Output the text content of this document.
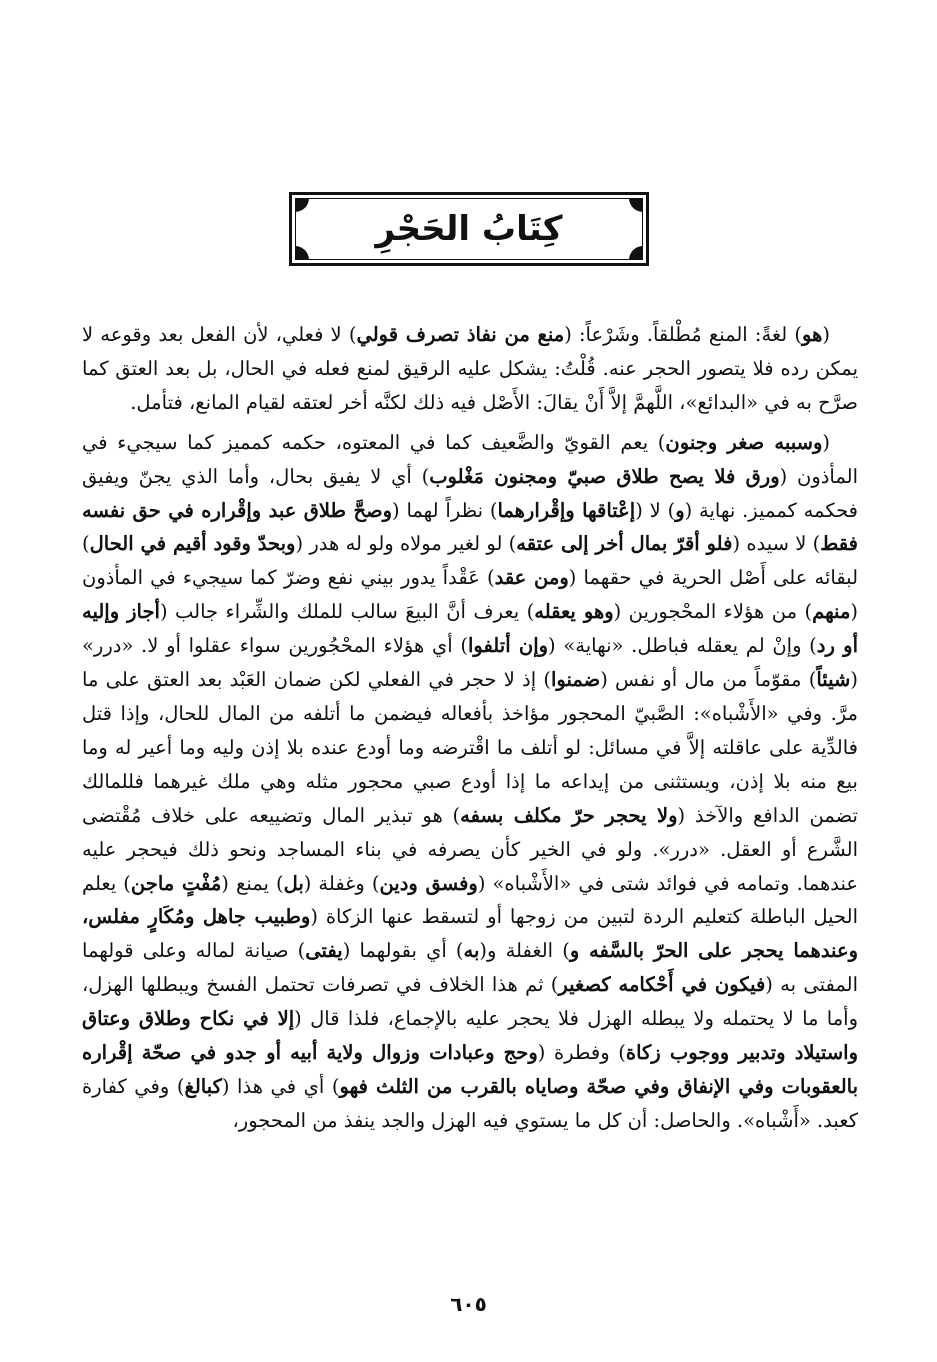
كِتَابُ الحَجْرِ

(هو) لغةً: المنع مُطْلقاً. وشَرْعاً: (منع من نفاذ تصرف قولي) لا فعلي، لأن الفعل بعد وقوعه لا يمكن رده فلا يتصور الحجر عنه. قُلْتُ: يشكل عليه الرقيق لمنع فعله في الحال، بل بعد العتق كما صرَّح به في «البدائع»، اللَّهمَّ إلاَّ أَنْ يقالَ: الأَصْل فيه ذلك لكنَّه أخر لعتقه لقيام المانع، فتأمل.

(وسببه صغر وجنون) يعم القويّ والضَّعيف كما في المعتوه، حكمه كمميز كما سيجيء في المأذون (ورق فلا يصح طلاق صبيّ ومجنون مَغْلوب) أي لا يفيق بحال، وأما الذي يجنّ ويفيق فحكمه كمميز. نهاية (و) لا (إعْتاقها وإقْرارهما) نظراً لهما (وصحَّ طلاق عبد وإقْراره في حق نفسه فقط) لا سيده (فلو أقرّ بمال أخر إلى عتقه) لو لغير مولاه ولو له هدر (وبحدّ وقود أقيم في الحال) لبقائه على أَصْل الحرية في حقهما (ومن عقد) عَقْداً يدور بيني نفع وضرّ كما سيجيء في المأذون (منهم) من هؤلاء المحْجورين (وهو يعقله) يعرف أنَّ البيعَ سالب للملك والشِّراء جالب (أجاز وإليه أو رد) وإنْ لم يعقله فباطل. «نهاية» (وإن أتلفوا) أي هؤلاء المحْجُورين سواء عقلوا أو لا. «درر» (شيئاً) مقوّماً من مال أو نفس (ضمنوا) إذ لا حجر في الفعلي لكن ضمان العَبْد بعد العتق على ما مرَّ. وفي «الأَشْباه»: الصَّبيّ المحجور مؤاخذ بأفعاله فيضمن ما أتلفه من المال للحال، وإذا قتل فالدِّية على عاقلته إلاَّ في مسائل: لو أتلف ما اقْترضه وما أودع عنده بلا إذن وليه وما أعير له وما بيع منه بلا إذن، ويستثنى من إيداعه ما إذا أودع صبي محجور مثله وهي ملك غيرهما فللمالك تضمن الدافع والآخذ (ولا يحجر حرّ مكلف بسفه) هو تبذير المال وتضييعه على خلاف مُقْتضى الشَّرع أو العقل. «درر». ولو في الخير كأن يصرفه في بناء المساجد ونحو ذلك فيحجر عليه عندهما. وتمامه في فوائد شتى في «الأَشْباه» (وفسق ودين) وغفلة (بل) يمنع (مُفْتٍ ماجن) يعلم الحيل الباطلة كتعليم الردة لتبين من زوجها أو لتسقط عنها الزكاة (وطبيب جاهل ومُكَارٍ مفلس، وعندهما يحجر على الحرّ بالسَّفه و) الغفلة و(به) أي بقولهما (يفتى) صيانة لماله وعلى قولهما المفتى به (فيكون في أَحْكامه كصغير) ثم هذا الخلاف في تصرفات تحتمل الفسخ ويبطلها الهزل، وأما ما لا يحتمله ولا يبطله الهزل فلا يحجر عليه بالإجماع، فلذا قال (إلا في نكاح وطلاق وعتاق واستيلاد وتدبير ووجوب زكاة) وفطرة (وحج وعبادات وزوال ولاية أبيه أو جدو في صحّة إقْراره بالعقوبات وفي الإنفاق وفي صحّة وصاياه بالقرب من الثلث فهو) أي في هذا (كبالغ) وفي كفارة كعبد. «أَشْباه». والحاصل: أن كل ما يستوي فيه الهزل والجد ينفذ من المحجور،

٦٠٥
